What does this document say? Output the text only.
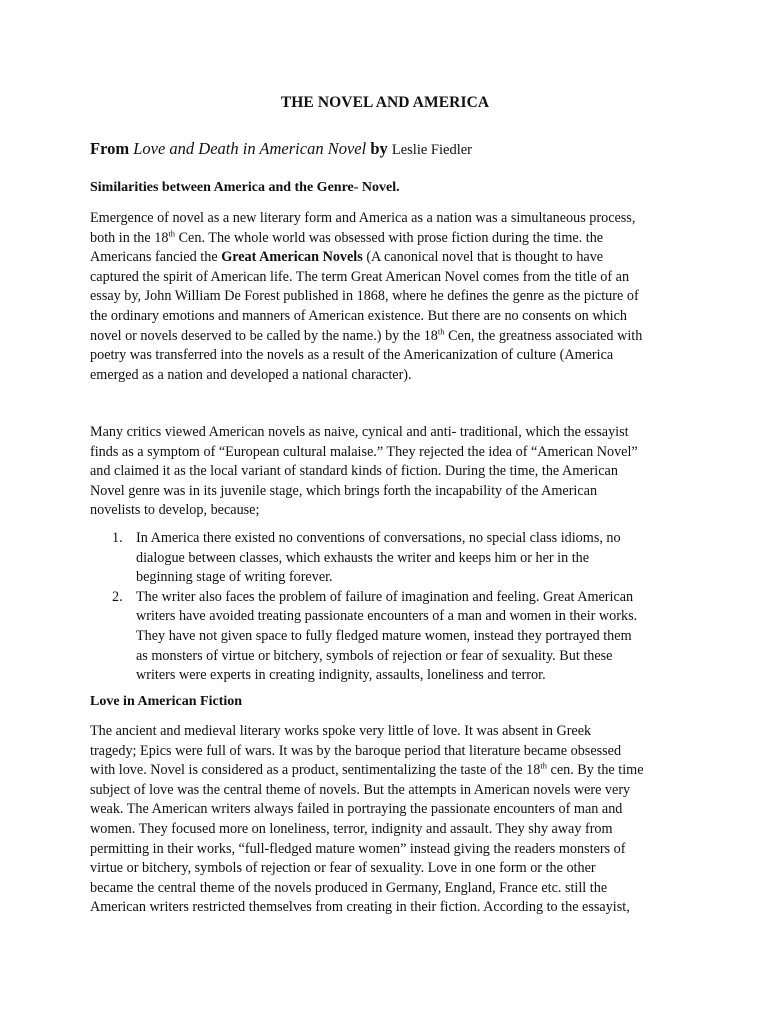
THE NOVEL AND AMERICA
From Love and Death in American Novel by Leslie Fiedler
Similarities between America and the Genre- Novel.
Emergence of novel as a new literary form and America as a nation was a simultaneous process,
both in the 18th Cen. The whole world was obsessed with prose fiction during the time. the
Americans fancied the Great American Novels (A canonical novel that is thought to have
captured the spirit of American life. The term Great American Novel comes from the title of an
essay by, John William De Forest published in 1868, where he defines the genre as the picture of
the ordinary emotions and manners of American existence. But there are no consents on which
novel or novels deserved to be called by the name.) by the 18th Cen, the greatness associated with
poetry was transferred into the novels as a result of the Americanization of culture (America
emerged as a nation and developed a national character).
Many critics viewed American novels as naive, cynical and anti- traditional, which the essayist
finds as a symptom of “European cultural malaise.” They rejected the idea of “American Novel”
and claimed it as the local variant of standard kinds of fiction. During the time, the American
Novel genre was in its juvenile stage, which brings forth the incapability of the American
novelists to develop, because;
1. In America there existed no conventions of conversations, no special class idioms, no
dialogue between classes, which exhausts the writer and keeps him or her in the
beginning stage of writing forever.
2. The writer also faces the problem of failure of imagination and feeling. Great American
writers have avoided treating passionate encounters of a man and women in their works.
They have not given space to fully fledged mature women, instead they portrayed them
as monsters of virtue or bitchery, symbols of rejection or fear of sexuality. But these
writers were experts in creating indignity, assaults, loneliness and terror.
Love in American Fiction
The ancient and medieval literary works spoke very little of love. It was absent in Greek
tragedy; Epics were full of wars. It was by the baroque period that literature became obsessed
with love. Novel is considered as a product, sentimentalizing the taste of the 18th cen. By the time
subject of love was the central theme of novels. But the attempts in American novels were very
weak. The American writers always failed in portraying the passionate encounters of man and
women. They focused more on loneliness, terror, indignity and assault. They shy away from
permitting in their works, “full-fledged mature women” instead giving the readers monsters of
virtue or bitchery, symbols of rejection or fear of sexuality. Love in one form or the other
became the central theme of the novels produced in Germany, England, France etc. still the
American writers restricted themselves from creating in their fiction. According to the essayist,
